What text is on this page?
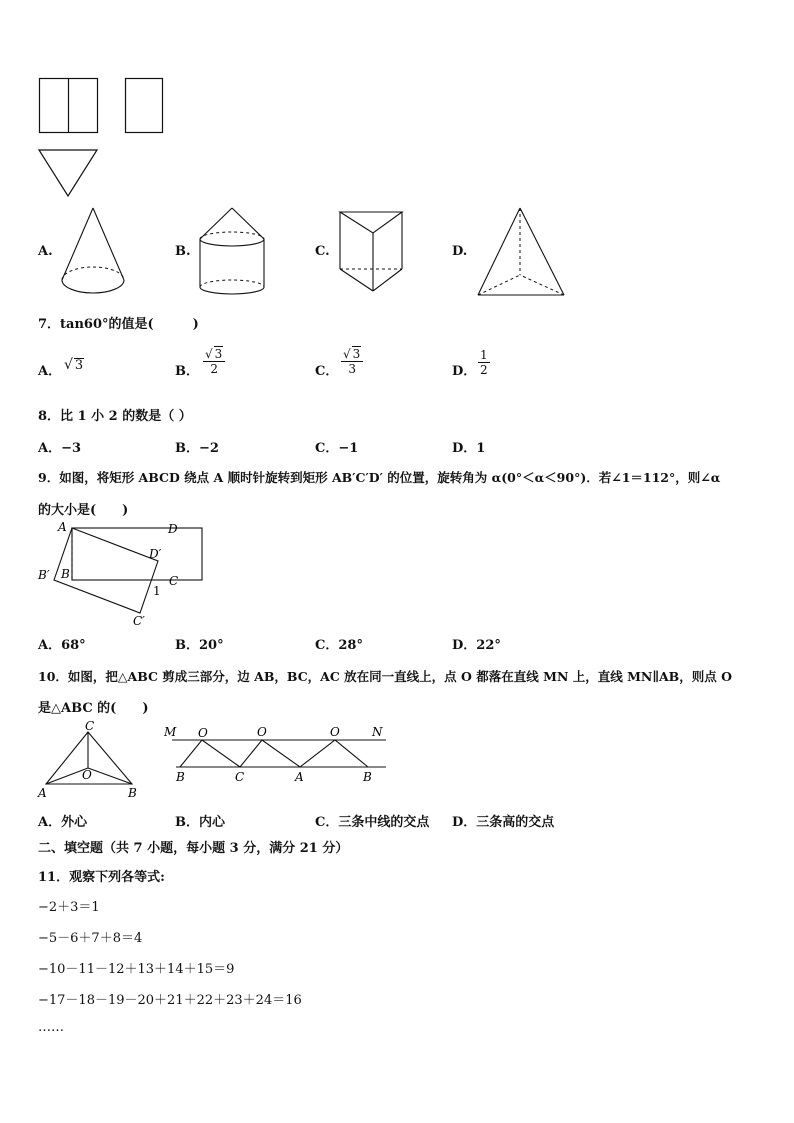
A.	B.	C.	D.
7．tan60°的值是(　　　)
A． √ 3	B． $\frac{√ 3}{2}$	C． $\frac{√ 3}{3}$	D． $\frac{1}{2}$
8．比 1 小 2 的数是（ ）
A．−3	B．−2	C．−1	D．1
9．如图，将矩形 ABCD 绕点 A 顺时针旋转到矩形 AB′C′D′ 的位置，旋转角为 α(0°＜α＜90°)．若∠1＝112°，则∠α
的大小是(　　)
A	D
D′
B′ B	C
1
C′
A．68°	B．20°	C．28°	D．22°
10．如图，把△ABC 剪成三部分，边 AB，BC，AC 放在同一直线上，点 O 都落在直线 MN 上，直线 MN∥AB，则点 O
是△ABC 的(　　)
C
O
A	B
M	N
O	O	O
B	C	A	B
A．外心	B．内心	C．三条中线的交点 D．三条高的交点
二、填空题（共 7 小题，每小题 3 分，满分 21 分）
11．观察下列各等式:
−2＋3＝1
−5－6＋7＋8＝4
−10－11－12＋13＋14＋15＝9
−17－18－19－20＋21＋22＋23＋24＝16
……
